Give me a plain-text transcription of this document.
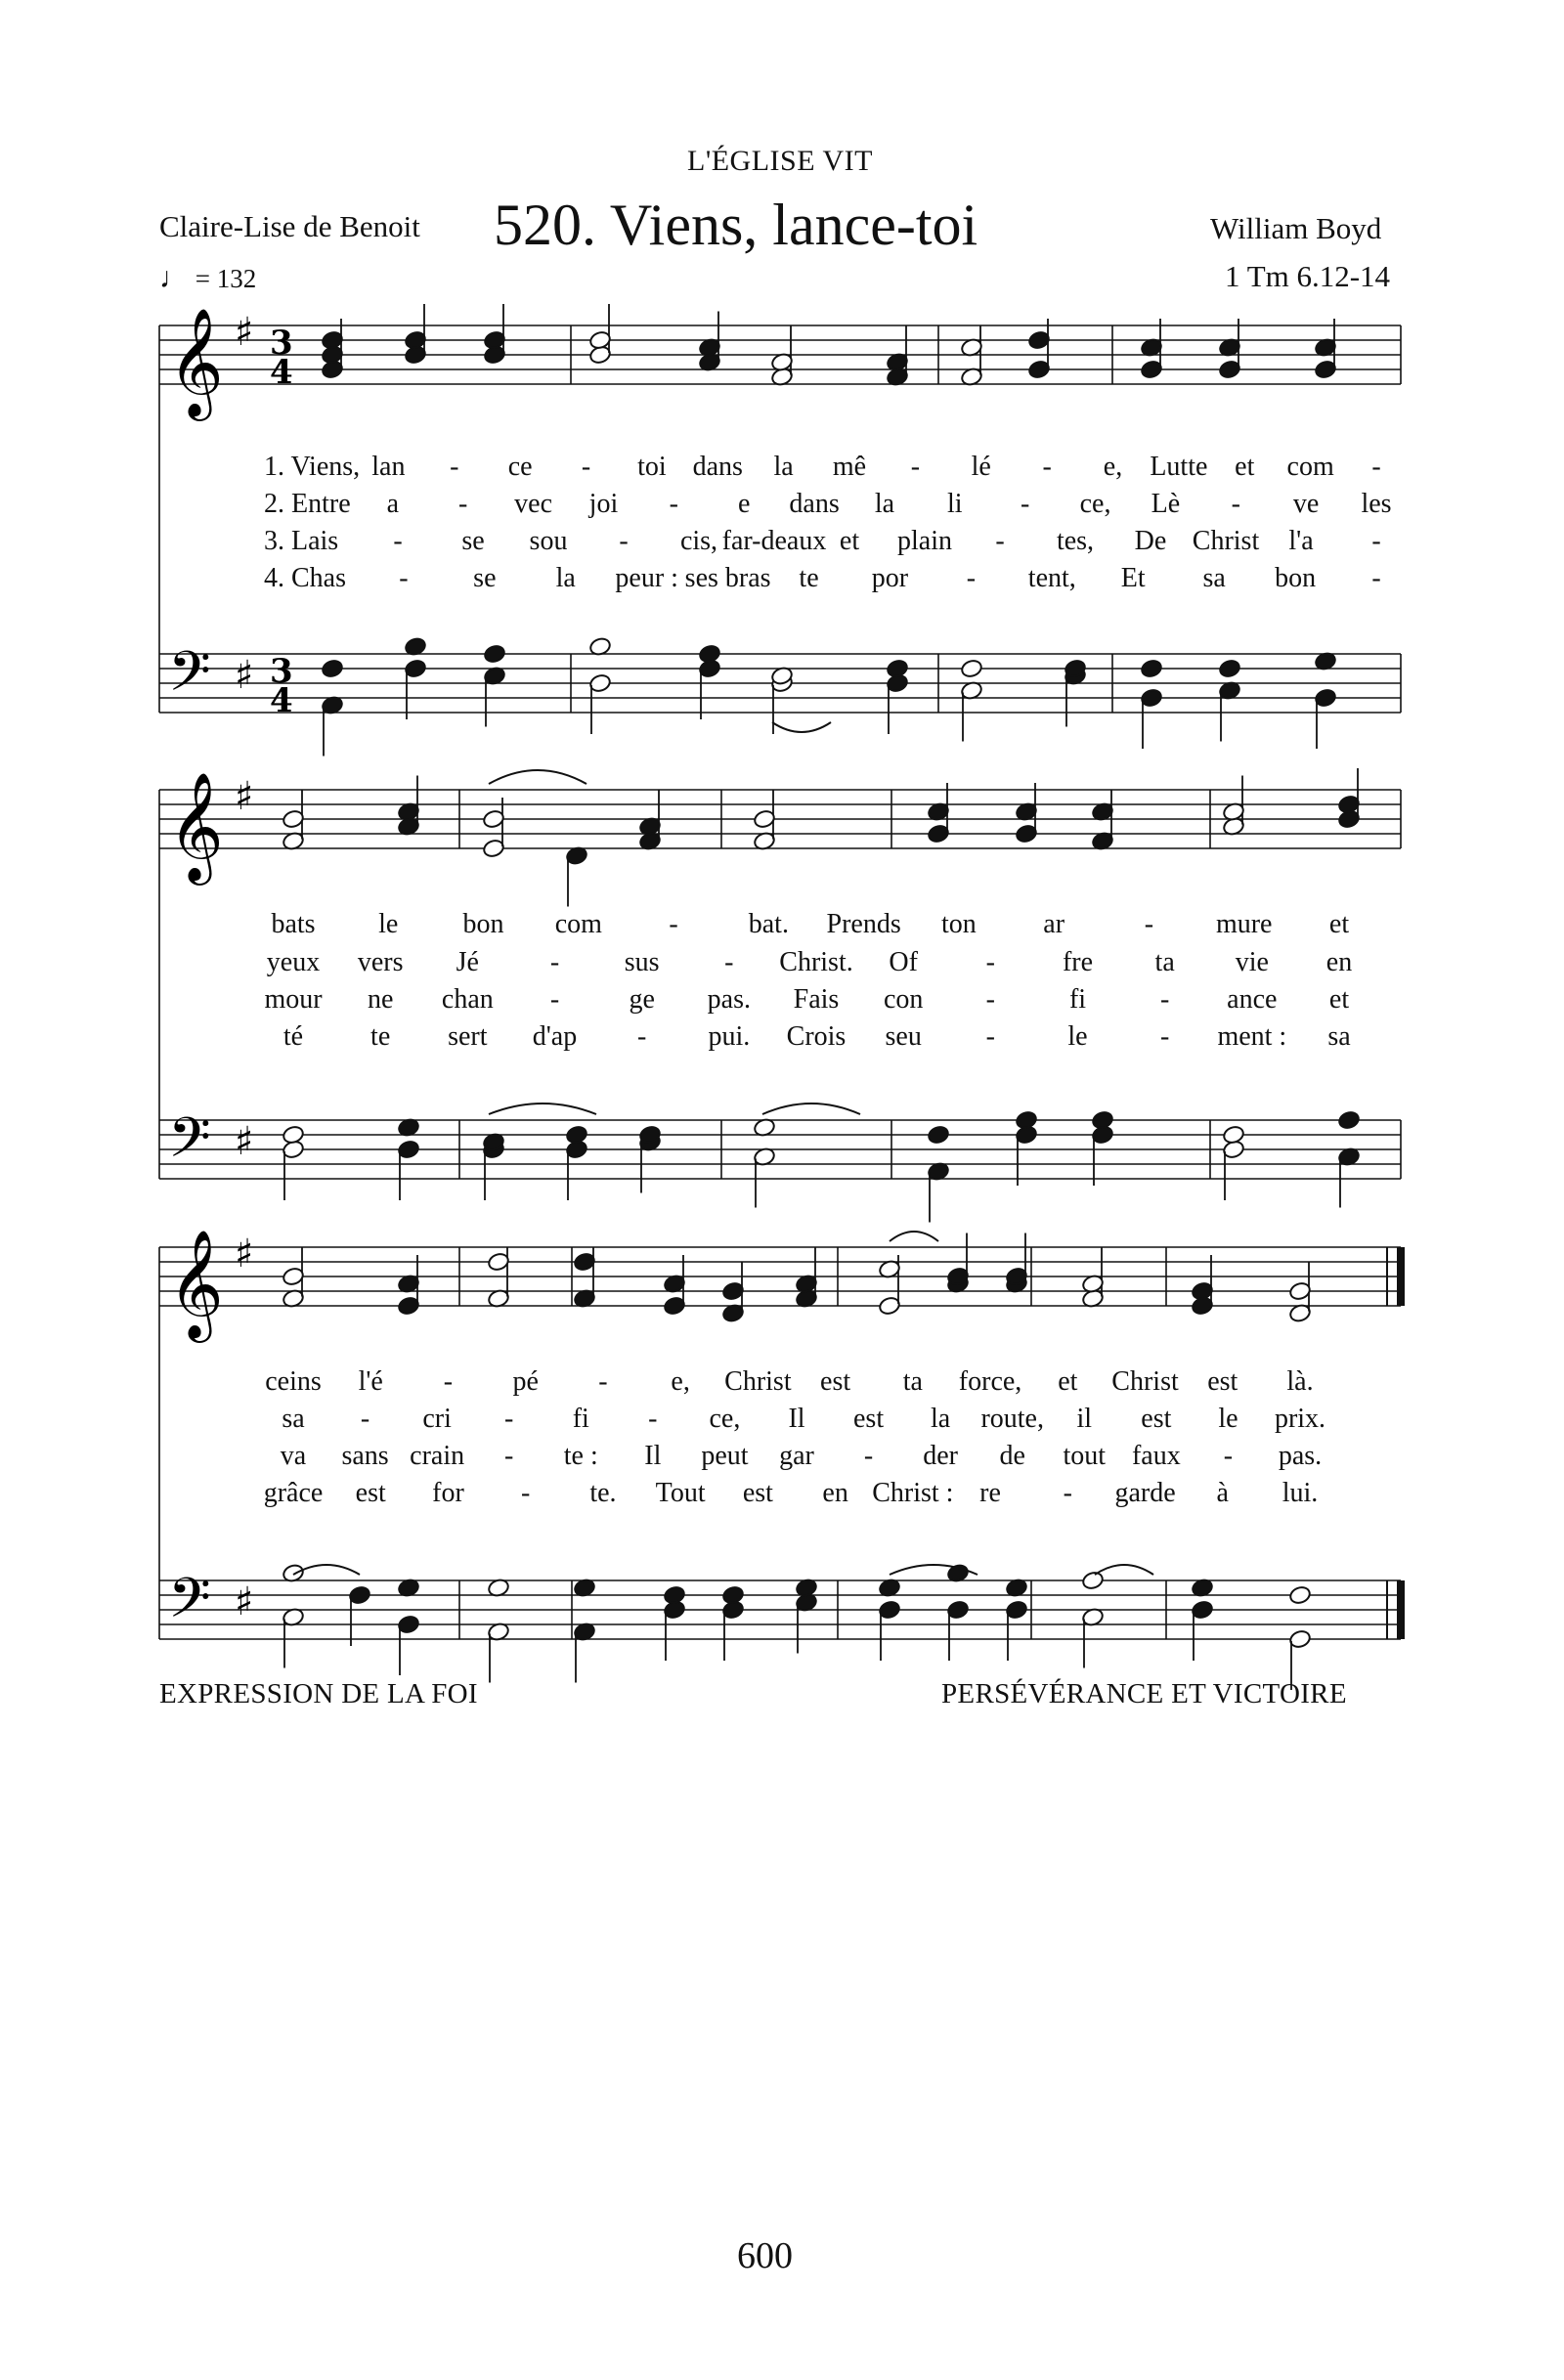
L'ÉGLISE VIT
Claire-Lise de Benoit 520. Viens, lance-toi	William Boyd
1 Tm 6.12-14
♩ = 132
𝄞 ♯ 3
4
𝄢 ♯ 3
4
𝄞 ♯
𝄢 ♯
𝄞 ♯
𝄢 ♯
1. Viens, lan - ce - toi dans la mê - lé - e, Lutte et com -
2. Entre a - vec joi - e dans la li - ce, Lè - ve les
3. Lais - se sou - cis, far-deaux et plain - tes, De Christ l'a -
4. Chas - se la peur : ses bras te por - tent, Et sa bon -
bats le bon com -	bat. Prends ton ar	- mure et
yeux vers Jé	- sus - Christ. Of - fre ta vie en
mour ne chan -	ge pas. Fais con -	fi	- ance et
té te sert d'ap - pui. Crois seu -	le	- ment : sa
ceins l'é - pé - e, Christ est ta force, et Christ est là.
sa - cri - fi - ce, Il est la route, il est le prix.
va sans crain - te : Il peut gar - der de tout faux - pas.
grâce est for - te. Tout est en Christ : re - garde à lui.
EXPRESSION DE LA FOI	PERSÉVÉRANCE ET VICTOIRE
600
